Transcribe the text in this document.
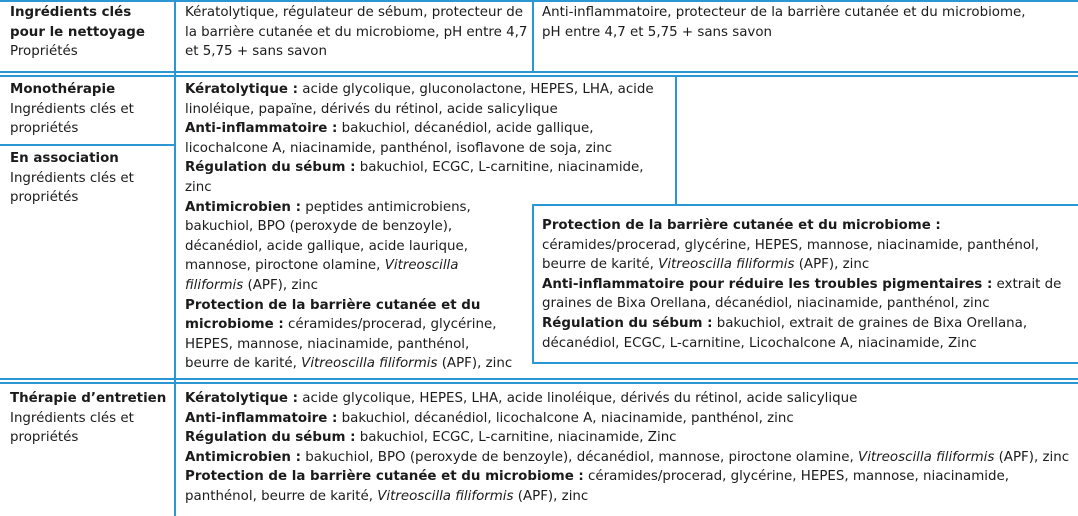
Ingrédients clés
pour le nettoyage
Propriétés
Kératolytique, régulateur de sébum, protecteur de
la barrière cutanée et du microbiome, pH entre 4,7
et 5,75 + sans savon
Anti-inflammatoire, protecteur de la barrière cutanée et du microbiome,
pH entre 4,7 et 5,75 + sans savon
Monothérapie
Ingrédients clés et
propriétés
En association
Ingrédients clés et
propriétés
Kératolytique : acide glycolique, gluconolactone, HEPES, LHA, acide
linoléique, papaïne, dérivés du rétinol, acide salicylique
Anti-inflammatoire : bakuchiol, décanédiol, acide gallique,
licochalcone A, niacinamide, panthénol, isoflavone de soja, zinc
Régulation du sébum : bakuchiol, ECGC, L-carnitine, niacinamide,
zinc
Antimicrobien : peptides antimicrobiens,
bakuchiol, BPO (peroxyde de benzoyle),
décanédiol, acide gallique, acide laurique,
mannose, piroctone olamine, Vitreoscilla
filiformis (APF), zinc
Protection de la barrière cutanée et du
microbiome : céramides/procerad, glycérine,
HEPES, mannose, niacinamide, panthénol,
beurre de karité, Vitreoscilla filiformis (APF), zinc
Protection de la barrière cutanée et du microbiome :
céramides/procerad, glycérine, HEPES, mannose, niacinamide, panthénol,
beurre de karité, Vitreoscilla filiformis (APF), zinc
Anti-inflammatoire pour réduire les troubles pigmentaires : extrait de
graines de Bixa Orellana, décanédiol, niacinamide, panthénol, zinc
Régulation du sébum : bakuchiol, extrait de graines de Bixa Orellana,
décanédiol, ECGC, L-carnitine, Licochalcone A, niacinamide, Zinc
Thérapie d’entretien
Ingrédients clés et
propriétés
Kératolytique : acide glycolique, HEPES, LHA, acide linoléique, dérivés du rétinol, acide salicylique
Anti-inflammatoire : bakuchiol, décanédiol, licochalcone A, niacinamide, panthénol, zinc
Régulation du sébum : bakuchiol, ECGC, L-carnitine, niacinamide, Zinc
Antimicrobien : bakuchiol, BPO (peroxyde de benzoyle), décanédiol, mannose, piroctone olamine, Vitreoscilla filiformis (APF), zinc
Protection de la barrière cutanée et du microbiome : céramides/procerad, glycérine, HEPES, mannose, niacinamide,
panthénol, beurre de karité, Vitreoscilla filiformis (APF), zinc
